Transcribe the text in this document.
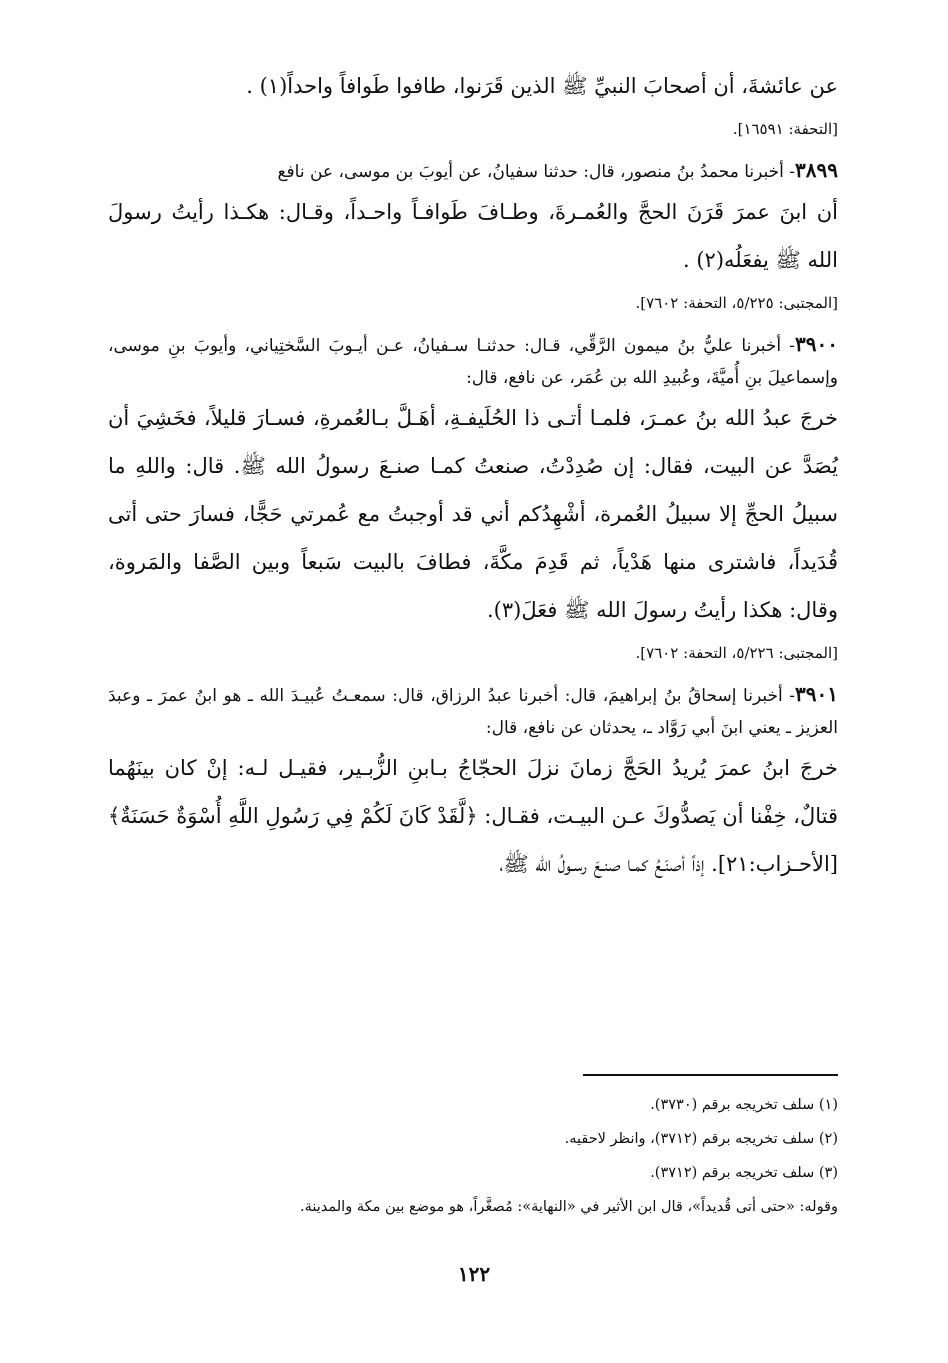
عن عائشةَ، أن أصحابَ النبيِّ ﷺ الذين قَرَنوا، طافوا طَوافاً واحداً(١) .

[التحفة: ١٦٥٩١].

٣٨٩٩- أخبرنا محمدُ بنُ منصور، قال: حدثنا سفيانُ، عن أيوبَ بن موسى، عن نافع

أن ابنَ عمرَ قَرَنَ الحجَّ والعُمـرةَ، وطـافَ طَوافـاً واحـداً، وقـال: هكـذا رأيتُ رسولَ الله ﷺ يفعَلُه(٢) .

[المجتبى: ٥/٢٢٥، التحفة: ٧٦٠٢].

٣٩٠٠- أخبرنا عليُّ بنُ ميمون الرَّقِّي، قـال: حدثنـا سـفيانُ، عـن أيـوبَ السَّختِياني، وأيوبَ بنِ موسى، وإسماعيلَ بنِ أُميَّةَ، وعُبيدِ الله بن عُمَر، عن نافع، قال:

خرجَ عبدُ الله بنُ عمـرَ، فلمـا أتـى ذا الحُلَيفـةِ، أهَـلَّ بـالعُمرةِ، فسـارَ قليلاً، فخَشِيَ أن يُصَدَّ عن البيت، فقال: إن صُدِدْتُ، صنعتُ كمـا صنـعَ رسولُ الله ﷺ. قال: واللهِ ما سبيلُ الحجِّ إلا سبيلُ العُمرة، أشْهِدُكم أني قد أوجبتُ مع عُمرتي حَجًّا، فسارَ حتى أتى قُدَيداً، فاشترى منها هَدْياً، ثم قَدِمَ مكَّةَ، فطافَ بالبيت سَبعاً وبين الصَّفا والمَروة، وقال: هكذا رأيتُ رسولَ الله ﷺ فعَلَ(٣).

[المجتبى: ٥/٢٢٦، التحفة: ٧٦٠٢].

٣٩٠١- أخبرنا إسحاقُ بنُ إبراهيمَ، قال: أخبرنا عبدُ الرزاق، قال: سمعـتُ عُبيـدَ الله ـ هو ابنُ عمرَ ـ وعبدَ العزيز ـ يعني ابنَ أبي رَوَّاد ـ، يحدثان عن نافع، قال:

خرجَ ابنُ عمرَ يُريدُ الحَجَّ زمانَ نزلَ الحجّاجُ بـابنِ الزُّبـير، فقيـل لـه: إنْ كان بينَهُما قتالٌ، خِفْنا أن يَصدُّوكَ عـن البيـت، فقـال: ﴿لَّقَدْ كَانَ لَكُمْ فِي رَسُولِ اللَّهِ أُسْوَةٌ حَسَنَةٌ﴾ [الأحـزاب:٢١]. إذاً أصنَـعُ كمـا صنـعَ رسـولُ الله ﷺ،

(١) سلف تخريجه برقم (٣٧٣٠).

(٢) سلف تخريجه برقم (٣٧١٢)، وانظر لاحقيه.

(٣) سلف تخريجه برقم (٣٧١٢).

وقوله: «حتى أتى قُديداً»، قال ابن الأثير في «النهاية»: مُصغَّراً، هو موضع بين مكة والمدينة.

١٢٢
